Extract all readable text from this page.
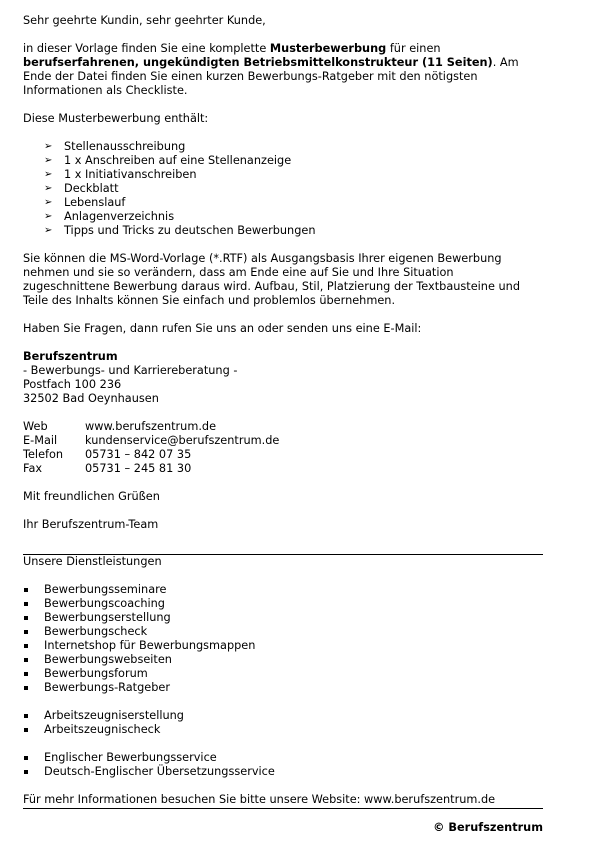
Sehr geehrte Kundin, sehr geehrter Kunde,

in dieser Vorlage finden Sie eine komplette Musterbewerbung für einen berufserfahrenen, ungekündigten Betriebsmittelkonstrukteur (11 Seiten). Am Ende der Datei finden Sie einen kurzen Bewerbungs-Ratgeber mit den nötigsten Informationen als Checkliste.

Diese Musterbewerbung enthält:

➢ Stellenausschreibung
➢ 1 x Anschreiben auf eine Stellenanzeige
➢ 1 x Initiativanschreiben
➢ Deckblatt
➢ Lebenslauf
➢ Anlagenverzeichnis
➢ Tipps und Tricks zu deutschen Bewerbungen

Sie können die MS-Word-Vorlage (*.RTF) als Ausgangsbasis Ihrer eigenen Bewerbung nehmen und sie so verändern, dass am Ende eine auf Sie und Ihre Situation zugeschnittene Bewerbung daraus wird. Aufbau, Stil, Platzierung der Textbausteine und Teile des Inhalts können Sie einfach und problemlos übernehmen.

Haben Sie Fragen, dann rufen Sie uns an oder senden uns eine E-Mail:

Berufszentrum

- Bewerbungs- und Karriereberatung -

Postfach 100 236

32502 Bad Oeynhausen

Web	www.berufszentrum.de
E-Mail	kundenservice@berufszentrum.de
Telefon	05731 – 842 07 35
Fax	05731 – 245 81 30

Mit freundlichen Grüßen

Ihr Berufszentrum-Team

Unsere Dienstleistungen

Bewerbungsseminare
Bewerbungscoaching
Bewerbungserstellung
Bewerbungscheck
Internetshop für Bewerbungsmappen
Bewerbungswebseiten
Bewerbungsforum
Bewerbungs-Ratgeber
Arbeitszeugniserstellung
Arbeitszeugnischeck
Englischer Bewerbungsservice
Deutsch-Englischer Übersetzungsservice

Für mehr Informationen besuchen Sie bitte unsere Website: www.berufszentrum.de

© Berufszentrum
